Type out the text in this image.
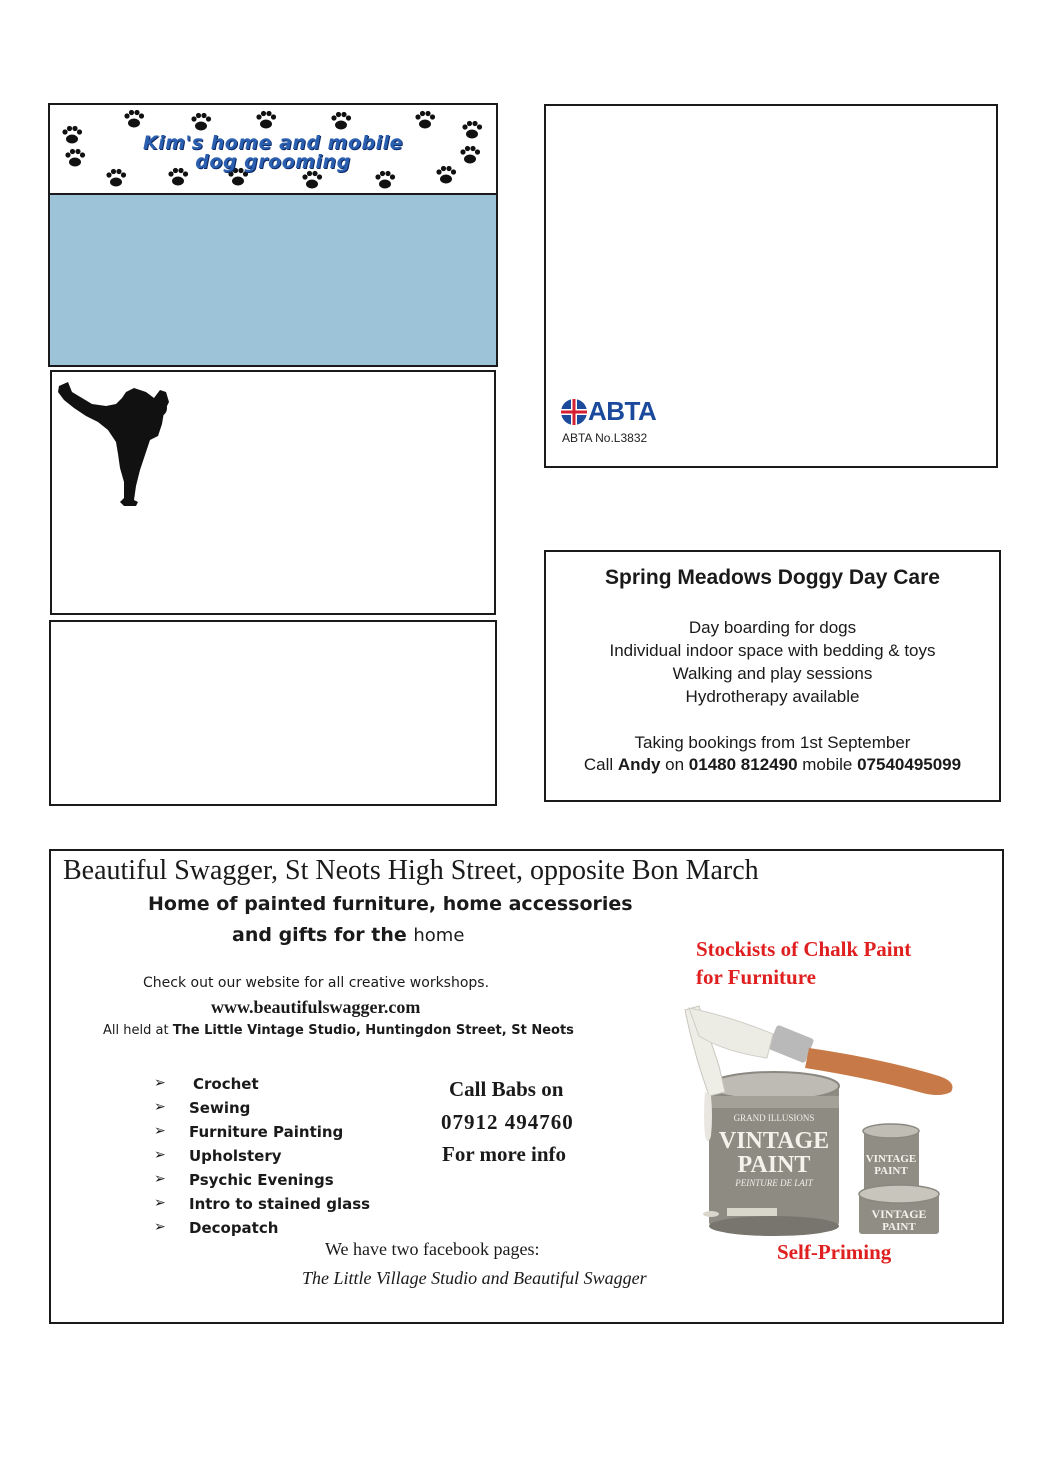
Kim's home and mobile
dog grooming
ABTA
ABTA No.L3832
Spring Meadows Doggy Day Care
Day boarding for dogs
Individual indoor space with bedding & toys
Walking and play sessions
Hydrotherapy available
Taking bookings from 1st September
Call Andy on 01480 812490 mobile 07540495099
Beautiful Swagger, St Neots High Street, opposite Bon March
Home of painted furniture, home accessories
and gifts for the home
Check out our website for all creative workshops.
www.beautifulswagger.com
All held at The Little Vintage Studio, Huntingdon Street, St Neots
➢ Crochet
➢ Sewing
➢ Furniture Painting
➢ Upholstery
➢ Psychic Evenings
➢ Intro to stained glass
➢ Decopatch
Call Babs on
07912 494760
For more info
We have two facebook pages:
The Little Village Studio and Beautiful Swagger
Stockists of Chalk Paint
for Furniture
Self-Priming
GRAND ILLUSIONS
VINTAGE
PAINT
PEINTURE DE LAIT
VINTAGE
PAINT
VINTAGE
PAINT
